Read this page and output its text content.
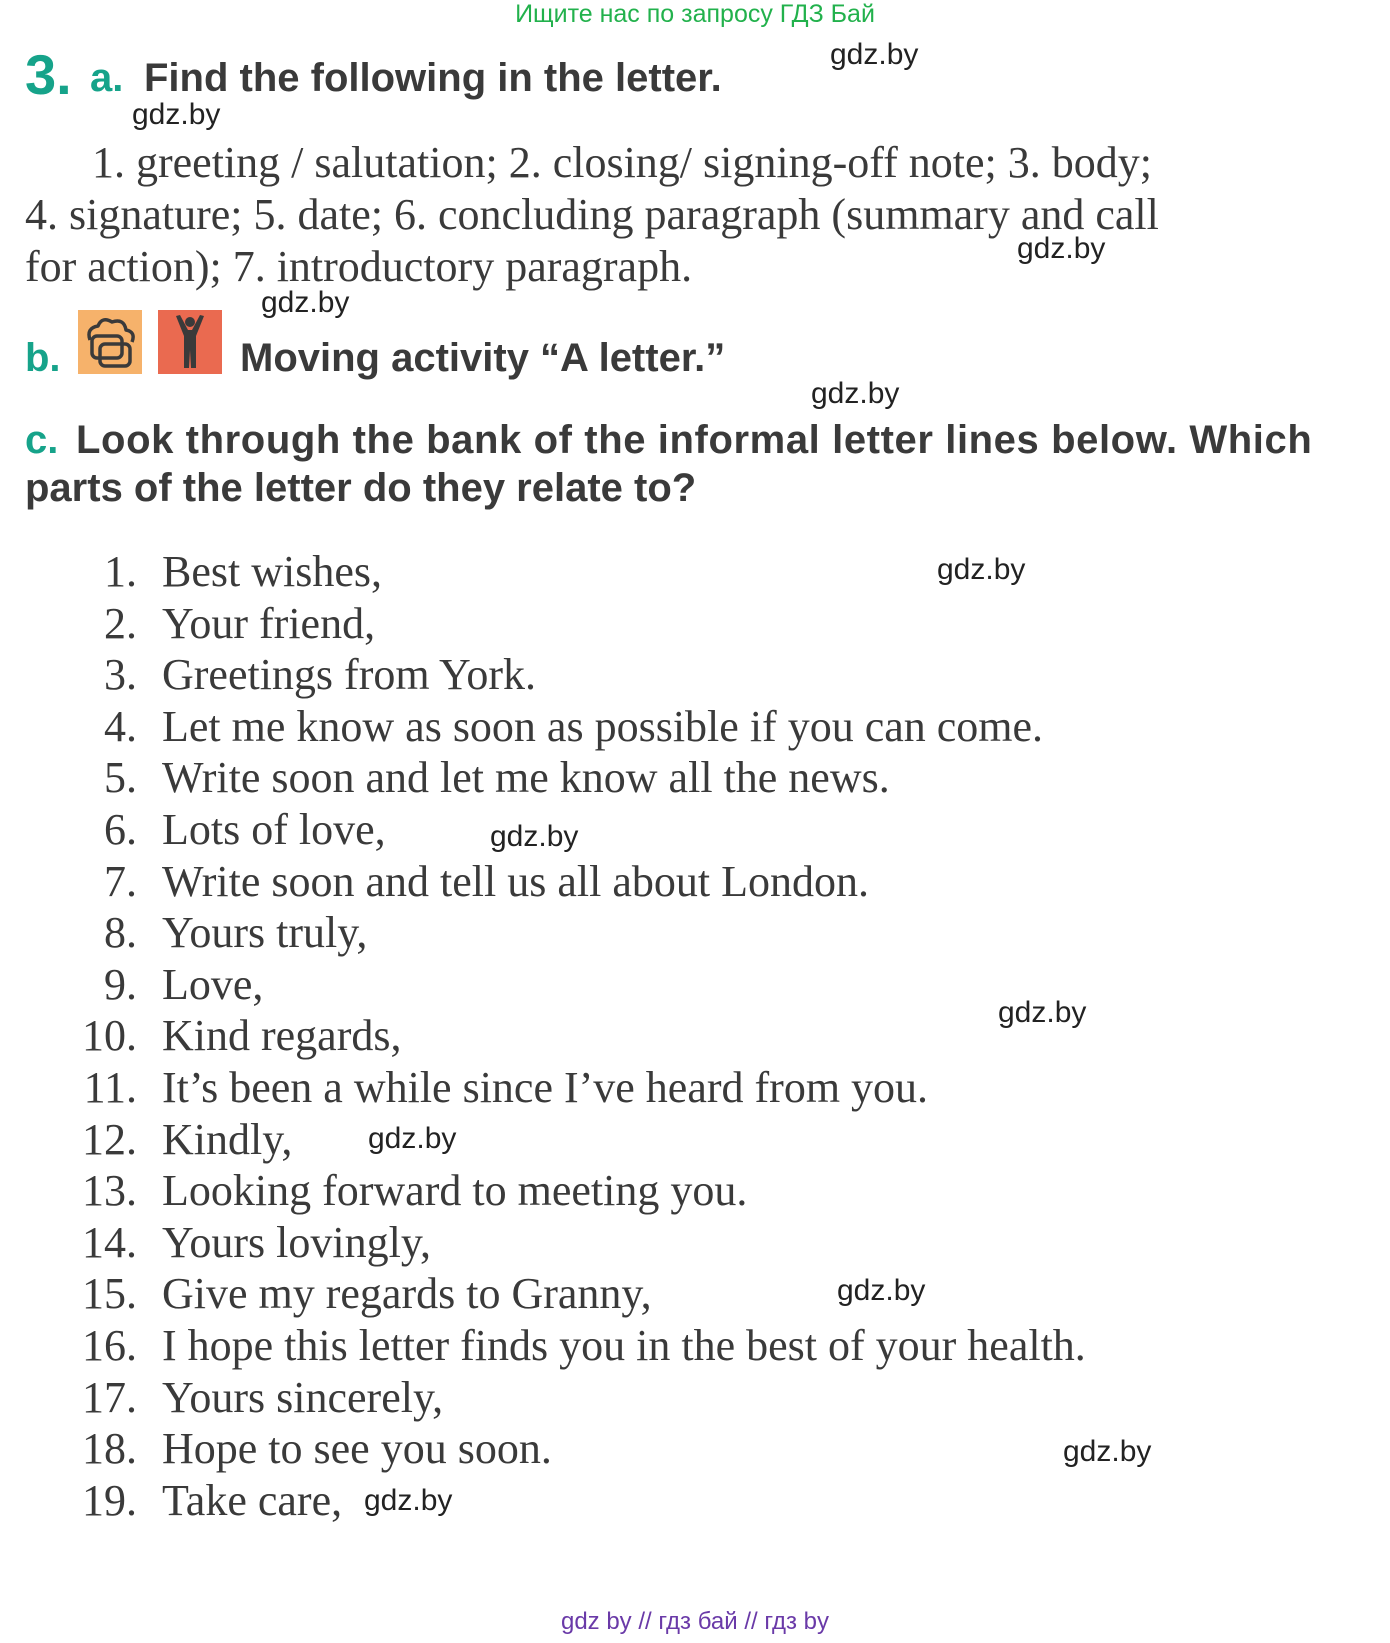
Ищите нас по запросу ГДЗ Бай
3. a. Find the following in the letter.
1. greeting / salutation; 2. closing/ signing-off note; 3. body;
4. signature; 5. date; 6. concluding paragraph (summary and call
for action); 7. introductory paragraph.
b.	Moving activity “A letter.”
c. Look through the bank of the informal letter lines below. Which
parts of the letter do they relate to?
1. Best wishes,
2. Your friend,
3. Greetings from York.
4. Let me know as soon as possible if you can come.
5. Write soon and let me know all the news.
6. Lots of love,
7. Write soon and tell us all about London.
8. Yours truly,
9. Love,
10. Kind regards,
11. It’s been a while since I’ve heard from you.
12. Kindly,
13. Looking forward to meeting you.
14. Yours lovingly,
15. Give my regards to Granny,
16. I hope this letter finds you in the best of your health.
17. Yours sincerely,
18. Hope to see you soon.
19. Take care,
gdz.by
gdz.by
gdz.by
gdz.by
gdz.by
gdz.by
gdz.by
gdz.by
gdz.by
gdz.by
gdz.by
gdz.by
gdz by // гдз бай // гдз by
